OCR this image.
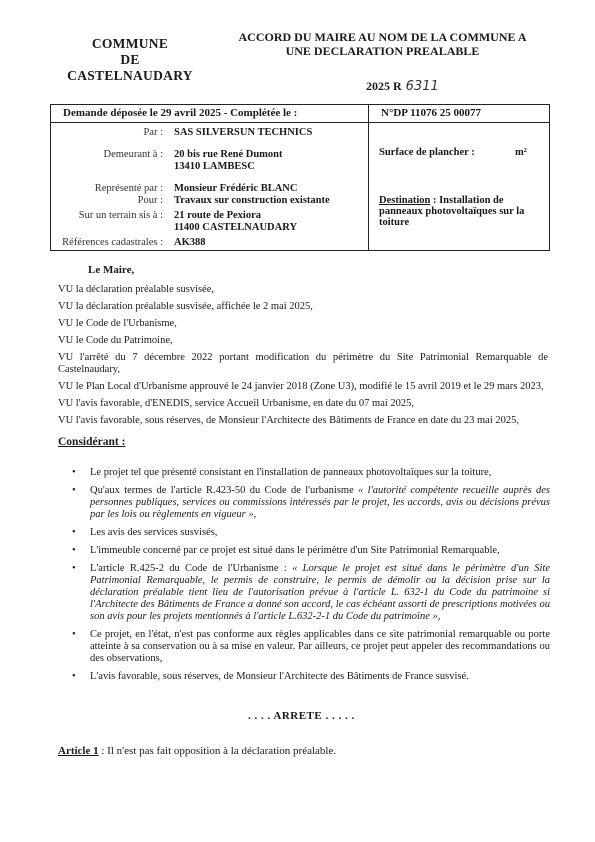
COMMUNE
DE
CASTELNAUDARY
ACCORD DU MAIRE AU NOM DE LA COMMUNE A
UNE DECLARATION PREALABLE
2025 R 6311
Demande déposée le 29 avril 2025 - Complétée le :	N°DP 11076 25 00077
Par : SAS SILVERSUN TECHNICS
Demeurant à : 20 bis rue René Dumont
13410 LAMBESC
Représenté par : Monsieur Frédéric BLANC
Pour : Travaux sur construction existante
Sur un terrain sis à : 21 route de Pexiora
11400 CASTELNAUDARY
Références cadastrales : AK388
Surface de plancher :	m²
Destination : Installation de panneaux photovoltaïques sur la toiture
Le Maire,
VU la déclaration préalable susvisée,
VU la déclaration préalable susvisée, affichée le 2 mai 2025,
VU le Code de l'Urbanisme,
VU le Code du Patrimoine,
VU l'arrêté du 7 décembre 2022 portant modification du périmètre du Site Patrimonial Remarquable de Castelnaudary,
VU le Plan Local d'Urbanisme approuvé le 24 janvier 2018 (Zone U3), modifié le 15 avril 2019 et le 29 mars 2023,
VU l'avis favorable, d'ENEDIS, service Accueil Urbanisme, en date du 07 mai 2025,
VU l'avis favorable, sous réserves, de Monsieur l'Architecte des Bâtiments de France en date du 23 mai 2025,
Considérant :
• Le projet tel que présenté consistant en l'installation de panneaux photovoltaïques sur la toiture,
• Qu'aux termes de l'article R.423-50 du Code de l'urbanisme « l'autorité compétente recueille auprès des personnes publiques, services ou commissions intéressés par le projet, les accords, avis ou décisions prévus par les lois ou règlements en vigueur »,
• Les avis des services susvisés,
• L'immeuble concerné par ce projet est situé dans le périmètre d'un Site Patrimonial Remarquable,
• L'article R.425-2 du Code de l'Urbanisme : « Lorsque le projet est situé dans le périmètre d'un Site Patrimonial Remarquable, le permis de construire, le permis de démolir ou la décision prise sur la déclaration préalable tient lieu de l'autorisation prévue à l'article L. 632-1 du Code du patrimoine si l'Architecte des Bâtiments de France a donné son accord, le cas échéant assorti de prescriptions motivées ou son avis pour les projets mentionnés à l'article L.632-2-1 du Code du patrimoine »,
• Ce projet, en l'état, n'est pas conforme aux règles applicables dans ce site patrimonial remarquable ou porte atteinte à sa conservation ou à sa mise en valeur. Par ailleurs, ce projet peut appeler des recommandations ou des observations,
• L'avis favorable, sous réserves, de Monsieur l'Architecte des Bâtiments de France susvisé.
. . . . ARRETE . . . . .
Article 1 : Il n'est pas fait opposition à la déclaration préalable.
